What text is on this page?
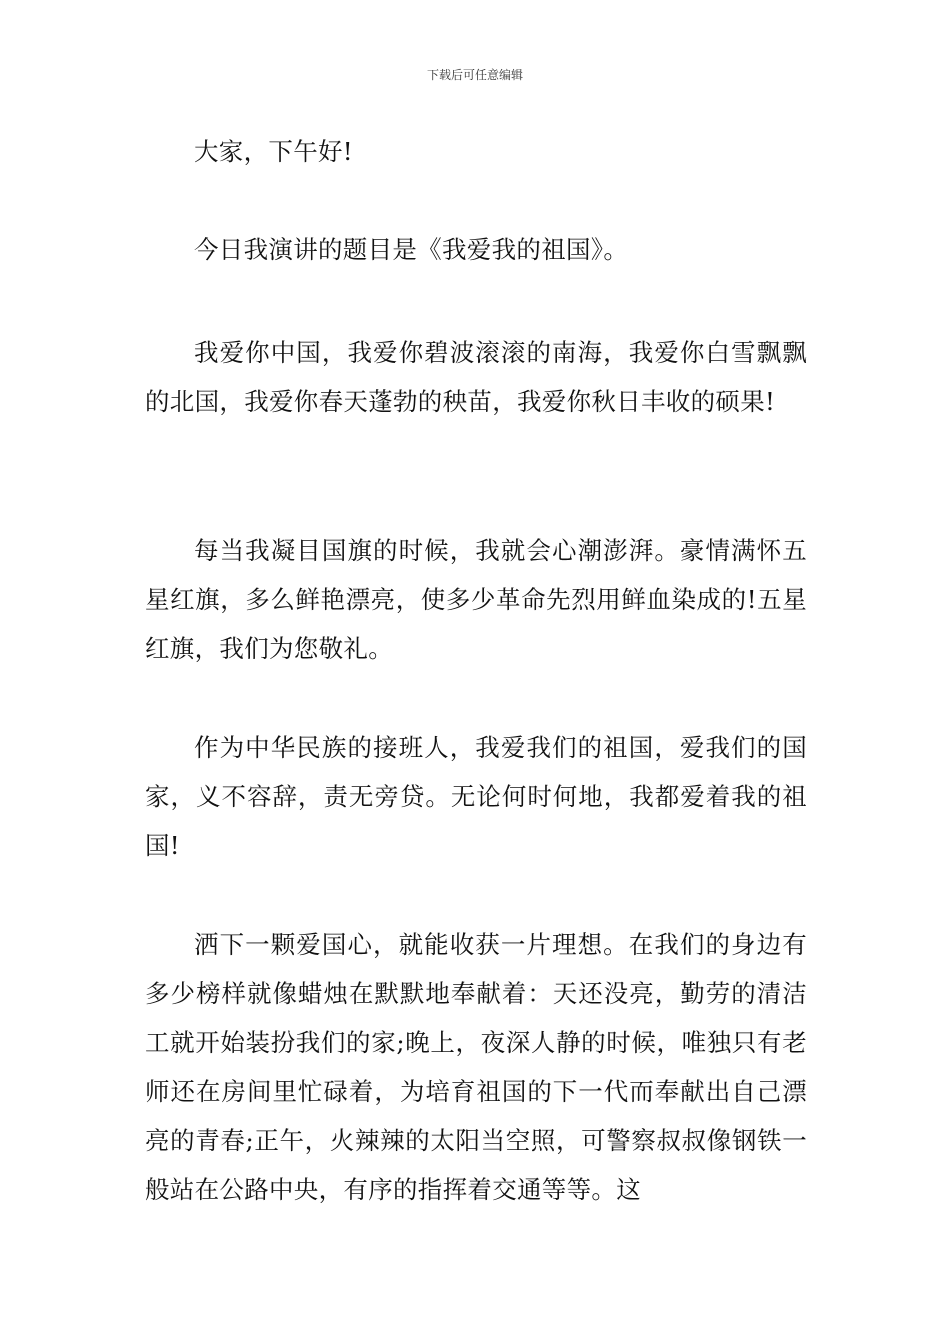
下载后可任意编辑

大家，下午好!

今日我演讲的题目是《我爱我的祖国》。

我爱你中国，我爱你碧波滚滚的南海，我爱你白雪飘飘的北国，我爱你春天蓬勃的秧苗，我爱你秋日丰收的硕果!

每当我凝目国旗的时候，我就会心潮澎湃。豪情满怀五星红旗，多么鲜艳漂亮，使多少革命先烈用鲜血染成的!五星红旗，我们为您敬礼。

作为中华民族的接班人，我爱我们的祖国，爱我们的国家，义不容辞，责无旁贷。无论何时何地，我都爱着我的祖国!

洒下一颗爱国心，就能收获一片理想。在我们的身边有多少榜样就像蜡烛在默默地奉献着：天还没亮，勤劳的清洁工就开始装扮我们的家;晚上，夜深人静的时候，唯独只有老师还在房间里忙碌着，为培育祖国的下一代而奉献出自己漂亮的青春;正午，火辣辣的太阳当空照，可警察叔叔像钢铁一般站在公路中央，有序的指挥着交通等等。这
